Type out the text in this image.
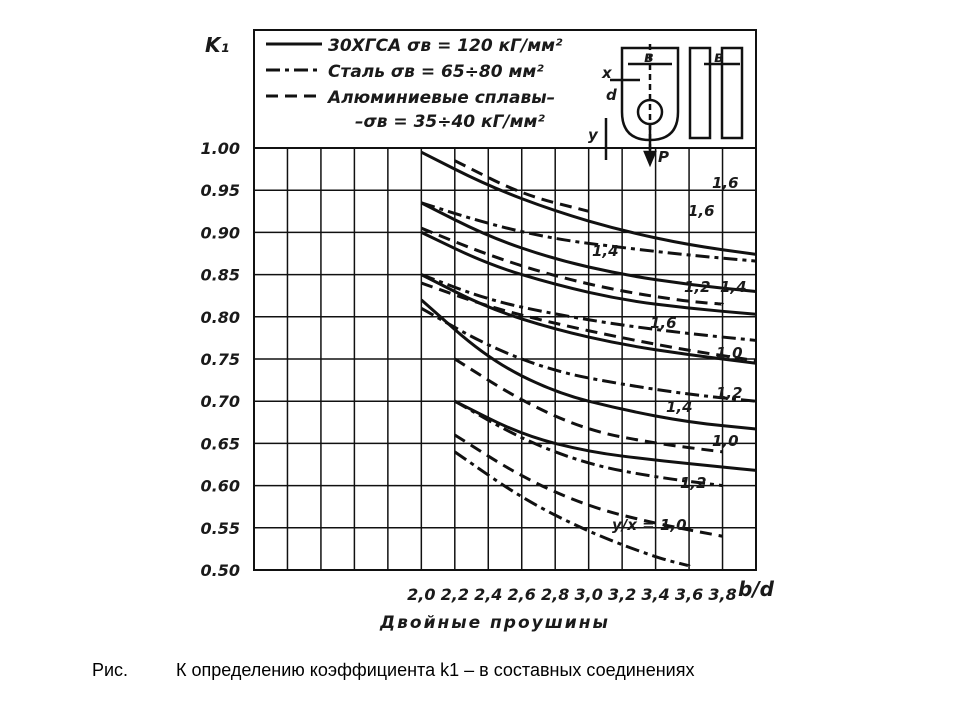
2,0 2,2 2,4 2,6 2,8 3,0 3,2 3,4 3,6 3,8
1.00
0.95
0.90
0.85
0.80
0.75
0.70
0.65
0.60
0.55
0.50
K₁
Двойные проушины
b/d
30ХГСА σв = 120 кГ/мм²
Сталь σв = 65÷80 мм²
Алюминиевые сплавы–
–σв = 35÷40 кГ/мм²
в	в
x
d
y
P
1,6
1,6
1,4
1,2 1,4
1,6
1,0
1,2
1,4
1,0
1,2
y/x = 1,0
Рис.	К определению коэффициента k1 – в составных соединениях
